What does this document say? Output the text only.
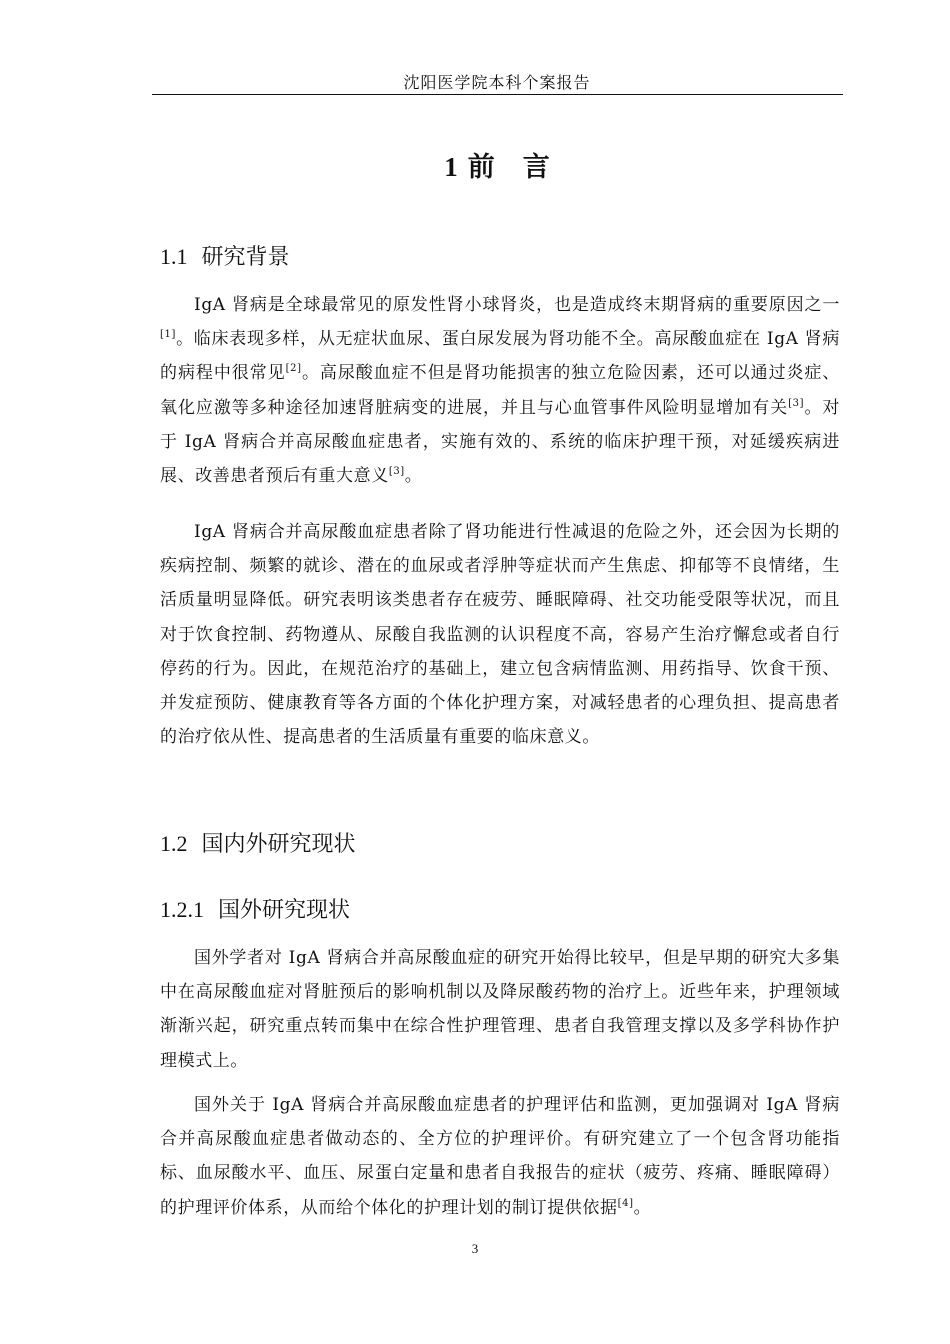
沈阳医学院本科个案报告
1 前 言
1.1 研究背景

IgA 肾病是全球最常见的原发性肾小球肾炎，也是造成终末期肾病的重要原因之一[1]。临床表现多样，从无症状血尿、蛋白尿发展为肾功能不全。高尿酸血症在 IgA 肾病的病程中很常见[2]。高尿酸血症不但是肾功能损害的独立危险因素，还可以通过炎症、氧化应激等多种途径加速肾脏病变的进展，并且与心血管事件风险明显增加有关[3]。对于 IgA 肾病合并高尿酸血症患者，实施有效的、系统的临床护理干预，对延缓疾病进展、改善患者预后有重大意义[3]。

IgA 肾病合并高尿酸血症患者除了肾功能进行性减退的危险之外，还会因为长期的疾病控制、频繁的就诊、潜在的血尿或者浮肿等症状而产生焦虑、抑郁等不良情绪，生活质量明显降低。研究表明该类患者存在疲劳、睡眠障碍、社交功能受限等状况，而且对于饮食控制、药物遵从、尿酸自我监测的认识程度不高，容易产生治疗懈怠或者自行停药的行为。因此，在规范治疗的基础上，建立包含病情监测、用药指导、饮食干预、并发症预防、健康教育等各方面的个体化护理方案，对减轻患者的心理负担、提高患者的治疗依从性、提高患者的生活质量有重要的临床意义。

1.2 国内外研究现状
1.2.1 国外研究现状

国外学者对 IgA 肾病合并高尿酸血症的研究开始得比较早，但是早期的研究大多集中在高尿酸血症对肾脏预后的影响机制以及降尿酸药物的治疗上。近些年来，护理领域渐渐兴起，研究重点转而集中在综合性护理管理、患者自我管理支撑以及多学科协作护理模式上。

国外关于 IgA 肾病合并高尿酸血症患者的护理评估和监测，更加强调对 IgA 肾病合并高尿酸血症患者做动态的、全方位的护理评价。有研究建立了一个包含肾功能指标、血尿酸水平、血压、尿蛋白定量和患者自我报告的症状（疲劳、疼痛、睡眠障碍）的护理评价体系，从而给个体化的护理计划的制订提供依据[4]。

3
